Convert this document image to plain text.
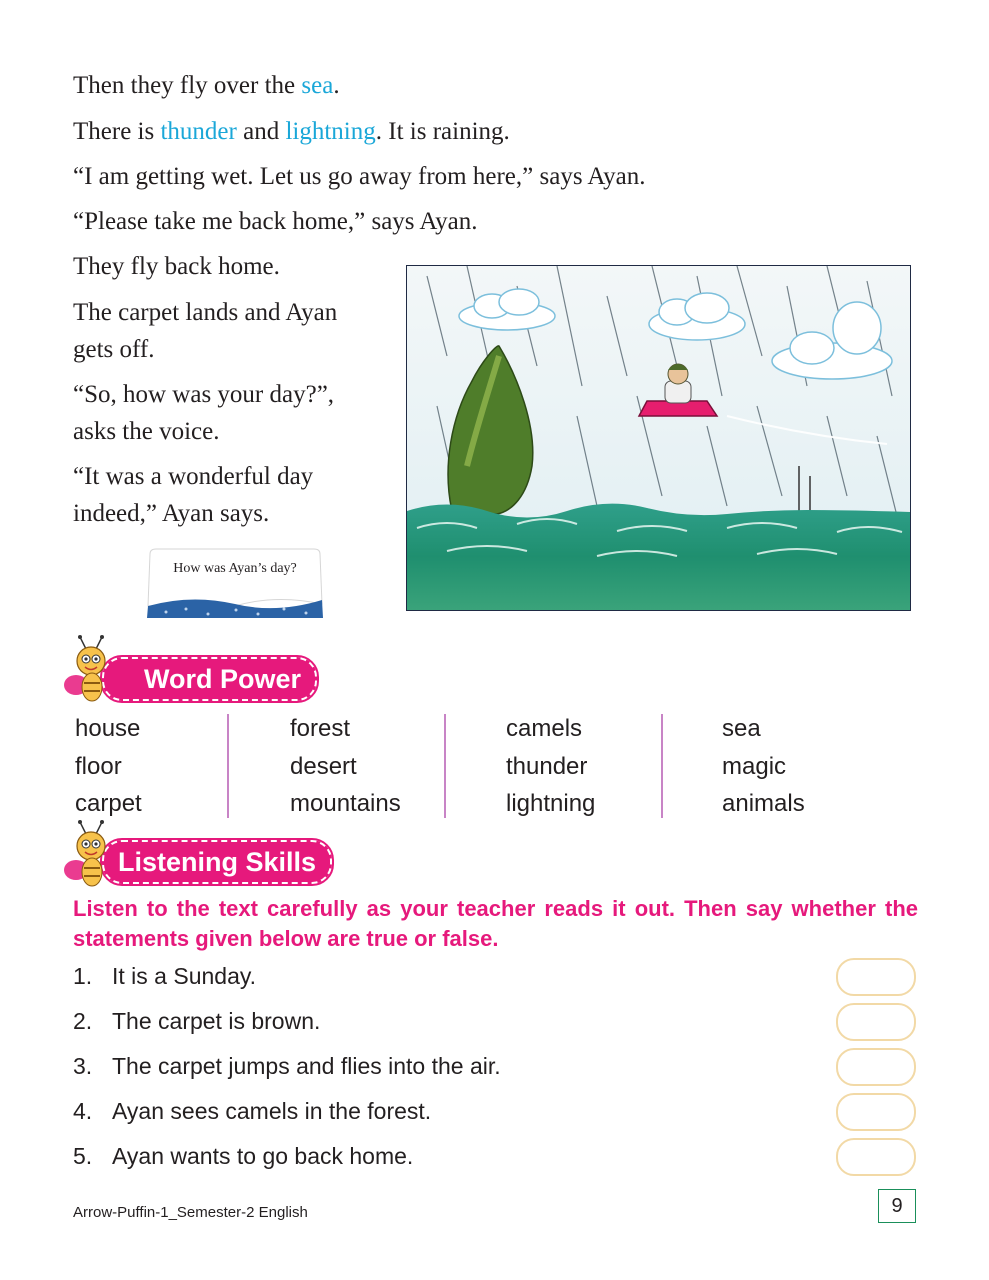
Then they fly over the sea.
There is thunder and lightning. It is raining.
“I am getting wet. Let us go away from here,” says Ayan.
“Please take me back home,” says Ayan.
They fly back home.
The carpet lands and Ayan
gets off.
“So, how was your day?”,
asks the voice.
“It was a wonderful day
indeed,” Ayan says.
How was Ayan’s day?
Word Power
house
floor
carpet
forest
desert
mountains
camels
thunder
lightning
sea
magic
animals
Listening Skills
Listen to the text carefully as your teacher reads it out. Then say whether the statements given below are true or false.
1. It is a Sunday.
2. The carpet is brown.
3. The carpet jumps and flies into the air.
4. Ayan sees camels in the forest.
5. Ayan wants to go back home.
Arrow-Puffin-1_Semester-2 English	9
